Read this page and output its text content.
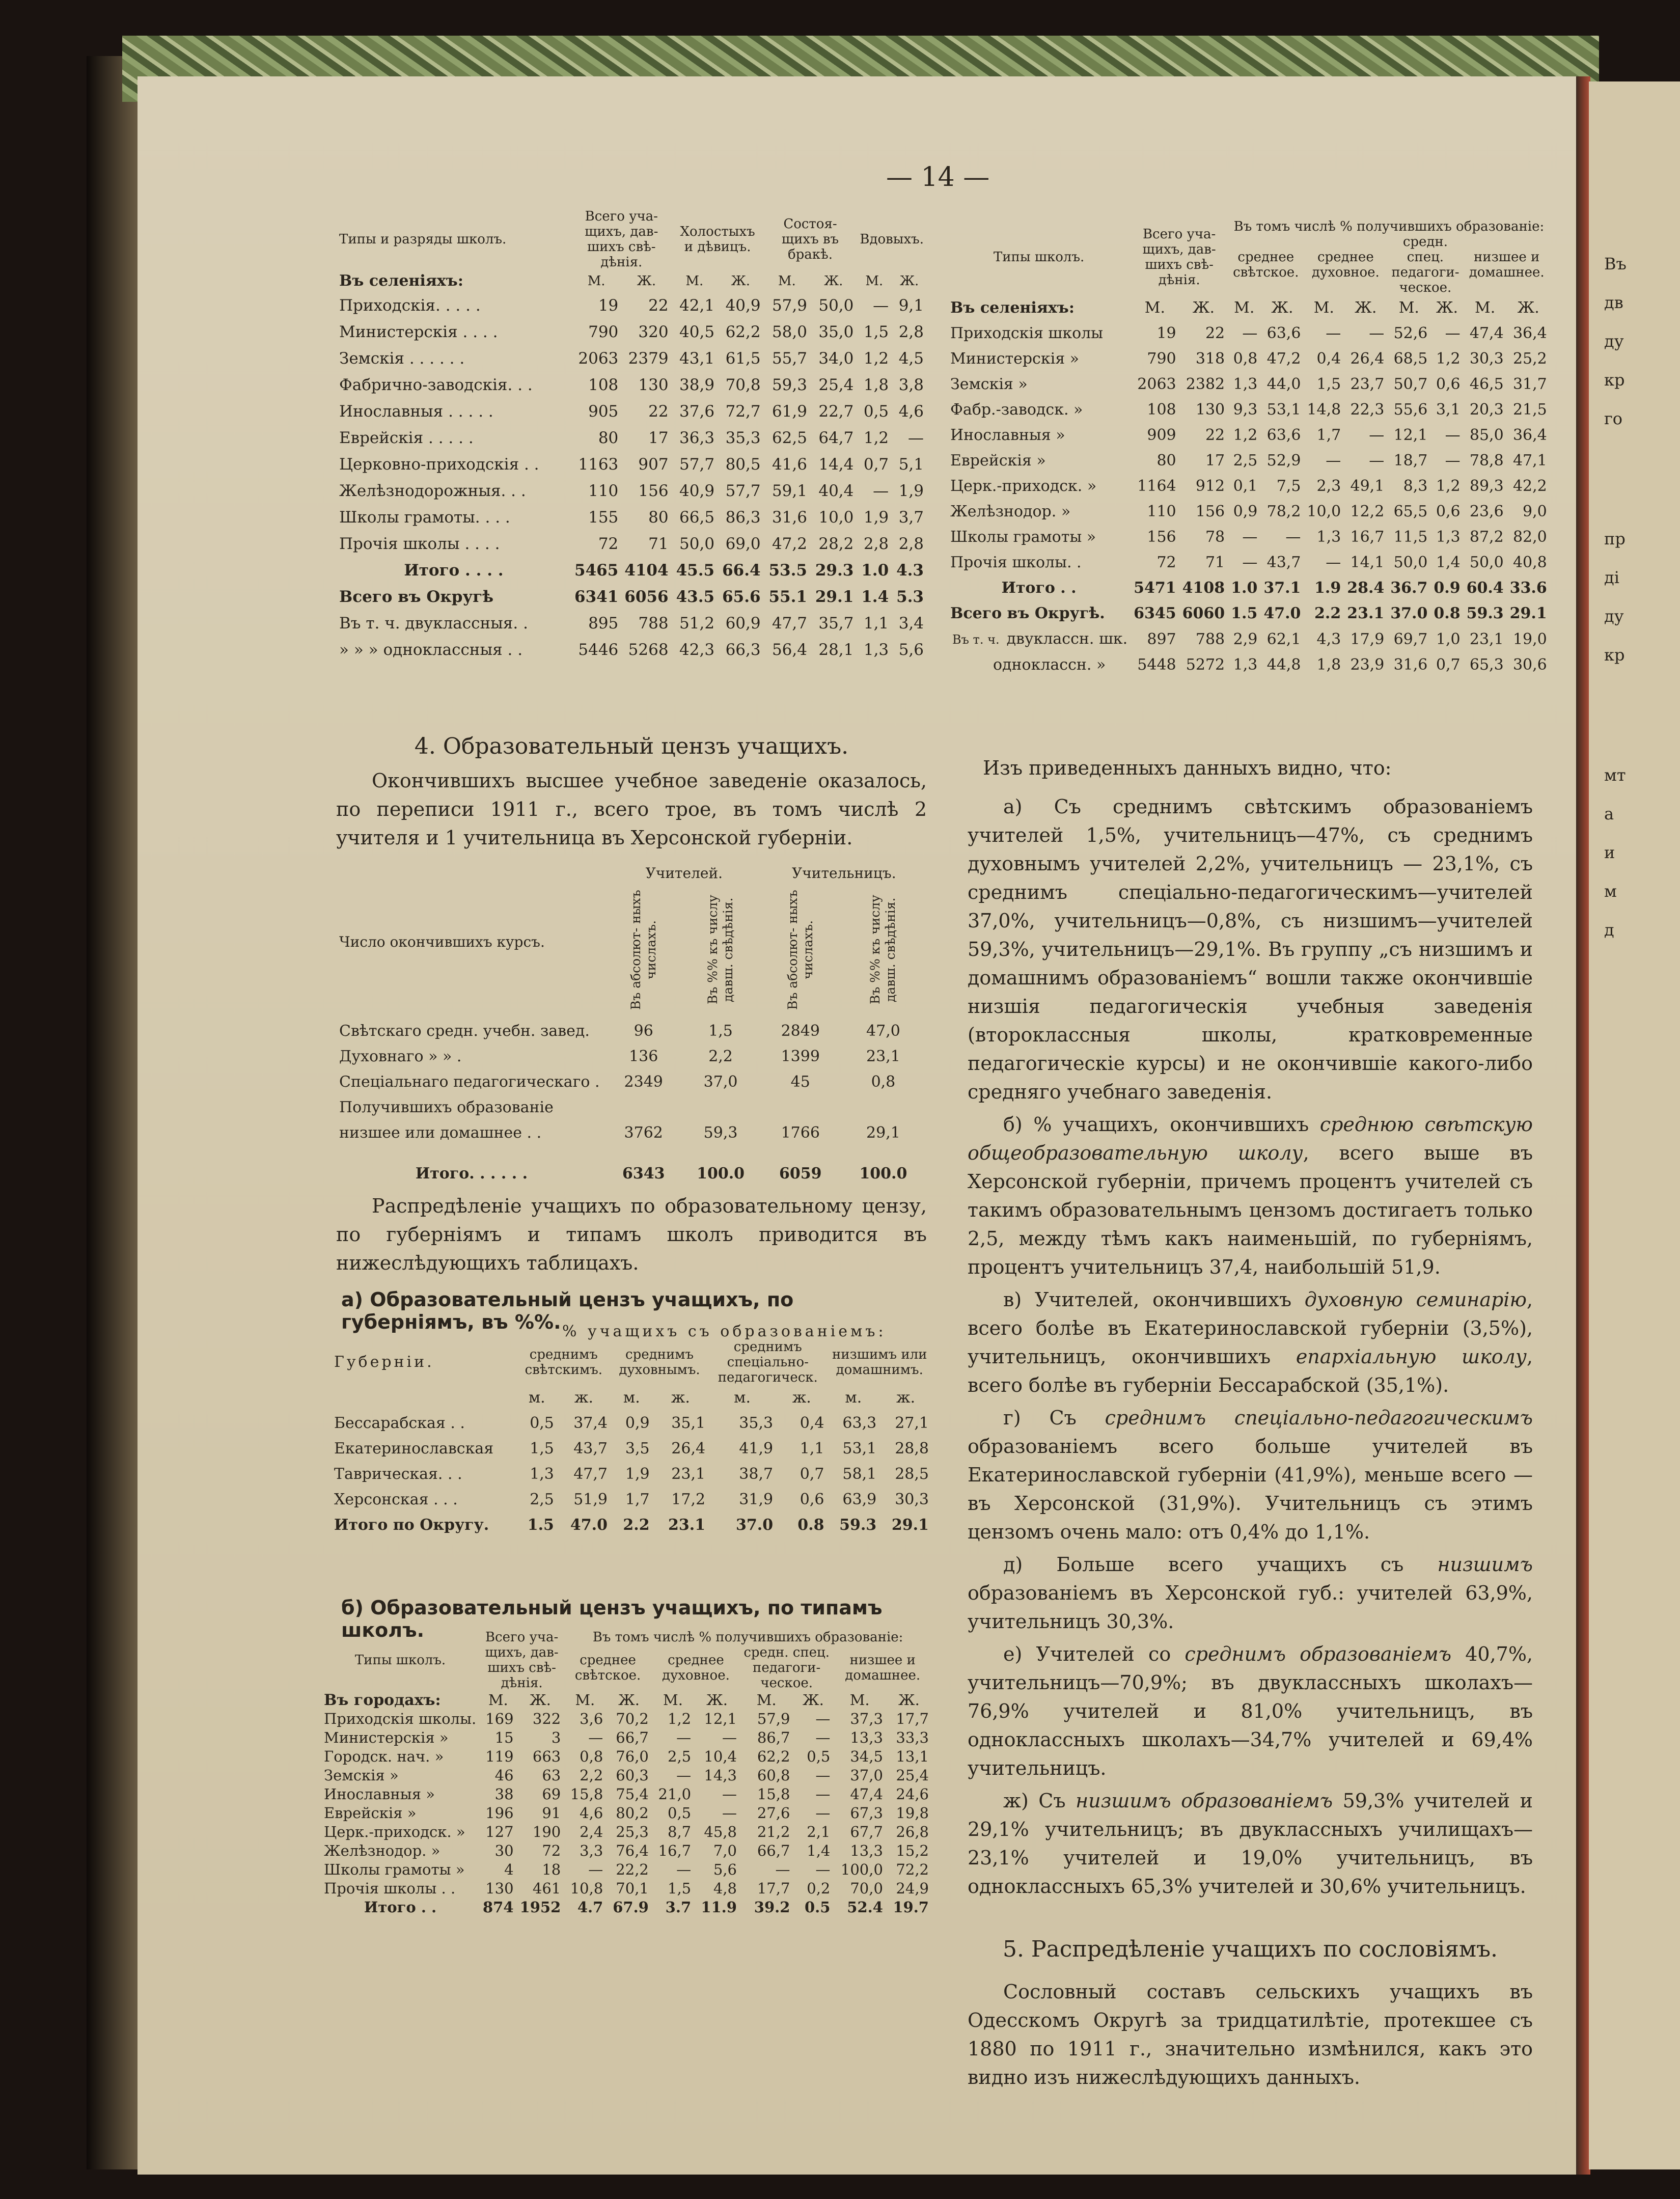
Въ
дв
ду
кр
го
пр
ді
ду
кр
мт
а
и
м
д
— 14 —
Типы и разряды школъ.	Всего уча- щихъ, дав- шихъ свѣ- дѣнія.		Холостыхъ и дѣвицъ.		Состоя- щихъ въ бракѣ.		Вдовыхъ.	
Въ селеніяхъ:	М.	Ж.	М.	Ж.	М.	Ж.	М.	Ж.
Приходскія. . . . .	19	22	42,1	40,9	57,9	50,0	—	9,1
Министерскія . . . .	790	320	40,5	62,2	58,0	35,0	1,5	2,8
Земскія . . . . . .	2063	2379	43,1	61,5	55,7	34,0	1,2	4,5
Фабрично-заводскія. . .	108	130	38,9	70,8	59,3	25,4	1,8	3,8
Инославныя . . . . .	905	22	37,6	72,7	61,9	22,7	0,5	4,6
Еврейскія . . . . .	80	17	36,3	35,3	62,5	64,7	1,2	—
Церковно-приходскія . .	1163	907	57,7	80,5	41,6	14,4	0,7	5,1
Желѣзнодорожныя. . .	110	156	40,9	57,7	59,1	40,4	—	1,9
Школы грамоты. . . .	155	80	66,5	86,3	31,6	10,0	1,9	3,7
Прочія школы . . . .	72	71	50,0	69,0	47,2	28,2	2,8	2,8
Итого . . . .	5465	4104	45.5	66.4	53.5	29.3	1.0	4.3
Всего въ Округѣ	6341	6056	43.5	65.6	55.1	29.1	1.4	5.3
Въ т. ч. двуклассныя. .	895	788	51,2	60,9	47,7	35,7	1,1	3,4
» » » одноклассныя . .	5446	5268	42,3	66,3	56,4	28,1	1,3	5,6
4. Образовательный цензъ учащихъ.
Окончившихъ высшее учебное заведеніе оказалось, по переписи 1911 г., всего трое, въ томъ числѣ 2 учителя и 1 учительница въ Херсонской губерніи.
Число окончившихъ курсъ.	Учителей.		Учительницъ.	

	Въ абсолют- ныхъ числахъ.	Въ %% къ числу давш. свѣдѣнія.	Въ абсолют- ныхъ числахъ.	Въ %% къ числу давш. свѣдѣнія.

Свѣтскаго средн. учебн. завед.	96	1,5	2849	47,0
Духовнаго » » .	136	2,2	1399	23,1
Спеціальнаго педагогическаго .	2349	37,0	45	0,8
Получившихъ образованіе низшее или домашнее . .	3762	59,3	1766	29,1
Итого. . . . . .	6343	100.0	6059	100.0
Распредѣленіе учащихъ по образовательному цензу, по губерніямъ и типамъ школъ приводится въ нижеслѣдующихъ таблицахъ.
а) Образовательный цензъ учащихъ, по губерніямъ, въ %%.
	% учащихъ съ образованіемъ:							
Губерніи.	среднимъ свѣтскимъ.		среднимъ духовнымъ.		среднимъ спеціально- педагогическ.		низшимъ или домашнимъ.	
	м.	ж.	м.	ж.	м.	ж.	м.	ж.
Бессарабская . .	0,5	37,4	0,9	35,1	35,3	0,4	63,3	27,1
Екатеринославская	1,5	43,7	3,5	26,4	41,9	1,1	53,1	28,8
Таврическая. . .	1,3	47,7	1,9	23,1	38,7	0,7	58,1	28,5
Херсонская . . .	2,5	51,9	1,7	17,2	31,9	0,6	63,9	30,3
Итого по Округу.	1.5	47.0	2.2	23.1	37.0	0.8	59.3	29.1
б) Образовательный цензъ учащихъ, по типамъ школъ.
Типы школъ.	Всего уча- щихъ, дав- шихъ свѣ- дѣнія.		Въ томъ числѣ % получившихъ образованіе:							
			среднее свѣтское.		среднее духовное.		средн. спец. педагоги- ческое.		низшее и домашнее.	
Въ городахъ:	М.	Ж.	М.	Ж.	М.	Ж.	М.	Ж.	М.	Ж.
Приходскія школы.	169	322	3,6	70,2	1,2	12,1	57,9	—	37,3	17,7
Министерскія »	15	3	—	66,7	—	—	86,7	—	13,3	33,3
Городск. нач. »	119	663	0,8	76,0	2,5	10,4	62,2	0,5	34,5	13,1
Земскія »	46	63	2,2	60,3	—	14,3	60,8	—	37,0	25,4
Инославныя »	38	69	15,8	75,4	21,0	—	15,8	—	47,4	24,6
Еврейскія »	196	91	4,6	80,2	0,5	—	27,6	—	67,3	19,8
Церк.-приходск. »	127	190	2,4	25,3	8,7	45,8	21,2	2,1	67,7	26,8
Желѣзнодор. »	30	72	3,3	76,4	16,7	7,0	66,7	1,4	13,3	15,2
Школы грамоты »	4	18	—	22,2	—	5,6	—	—	100,0	72,2
Прочія школы . .	130	461	10,8	70,1	1,5	4,8	17,7	0,2	70,0	24,9
Итого . .	874	1952	4.7	67.9	3.7	11.9	39.2	0.5	52.4	19.7
Типы школъ.	Всего уча- щихъ, дав- шихъ свѣ- дѣнія.		Въ томъ числѣ % получившихъ образованіе:							
			среднее свѣтское.		среднее духовное.		средн. спец. педагоги- ческое.		низшее и домашнее.	
Въ селеніяхъ:	М.	Ж.	М.	Ж.	М.	Ж.	М.	Ж.	М.	Ж.
Приходскія школы	19	22	—	63,6	—	—	52,6	—	47,4	36,4
Министерскія »	790	318	0,8	47,2	0,4	26,4	68,5	1,2	30,3	25,2
Земскія »	2063	2382	1,3	44,0	1,5	23,7	50,7	0,6	46,5	31,7
Фабр.-заводск. »	108	130	9,3	53,1	14,8	22,3	55,6	3,1	20,3	21,5
Инославныя »	909	22	1,2	63,6	1,7	—	12,1	—	85,0	36,4
Еврейскія »	80	17	2,5	52,9	—	—	18,7	—	78,8	47,1
Церк.-приходск. »	1164	912	0,1	7,5	2,3	49,1	8,3	1,2	89,3	42,2
Желѣзнодор. »	110	156	0,9	78,2	10,0	12,2	65,5	0,6	23,6	9,0
Школы грамоты »	156	78	—	—	1,3	16,7	11,5	1,3	87,2	82,0
Прочія школы. .	72	71	—	43,7	—	14,1	50,0	1,4	50,0	40,8
Итого . .	5471	4108	1.0	37.1	1.9	28.4	36.7	0.9	60.4	33.6
Всего въ Округѣ.	6345	6060	1.5	47.0	2.2	23.1	37.0	0.8	59.3	29.1
Въ т. ч. двуклассн. шк.	897	788	2,9	62,1	4,3	17,9	69,7	1,0	23,1	19,0
однокласcн. »	5448	5272	1,3	44,8	1,8	23,9	31,6	0,7	65,3	30,6
Изъ приведенныхъ данныхъ видно, что:
а) Съ среднимъ свѣтскимъ образованіемъ учителей 1,5%, учительницъ—47%, съ среднимъ духовнымъ учителей 2,2%, учительницъ — 23,1%, съ среднимъ спеціально-педагогическимъ—учителей 37,0%, учительницъ—0,8%, съ низшимъ—учителей 59,3%, учительницъ—29,1%. Въ группу „съ низшимъ и домашнимъ образованіемъ“ вошли также окончившіе низшія педагогическія учебныя заведенія (второклассныя школы, кратковременные педагогическіе курсы) и не окончившіе какого-либо средняго учебнаго заведенія.
б) % учащихъ, окончившихъ среднюю свѣтскую общеобразовательную школу, всего выше въ Херсонской губерніи, причемъ процентъ учителей съ такимъ образовательнымъ цензомъ достигаетъ только 2,5, между тѣмъ какъ наименьшій, по губерніямъ, процентъ учительницъ 37,4, наибольшій 51,9.
в) Учителей, окончившихъ духовную семинарію, всего болѣе въ Екатеринославской губерніи (3,5%), учительницъ, окончившихъ епархіальную школу, всего болѣе въ губерніи Бессарабской (35,1%).
г) Съ среднимъ спеціально-педагогическимъ образованіемъ всего больше учителей въ Екатеринославской губерніи (41,9%), меньше всего — въ Херсонской (31,9%). Учительницъ съ этимъ цензомъ очень мало: отъ 0,4% до 1,1%.
д) Больше всего учащихъ съ низшимъ образованіемъ въ Херсонской губ.: учителей 63,9%, учительницъ 30,3%.
е) Учителей со среднимъ образованіемъ 40,7%, учительницъ—70,9%; въ двуклассныхъ школахъ—76,9% учителей и 81,0% учительницъ, въ одноклассныхъ школахъ—34,7% учителей и 69,4% учительницъ.
ж) Съ низшимъ образованіемъ 59,3% учителей и 29,1% учительницъ; въ двуклассныхъ училищахъ—23,1% учителей и 19,0% учительницъ, въ одноклассныхъ 65,3% учителей и 30,6% учительницъ.
5. Распредѣленіе учащихъ по сословіямъ.
Сословный составъ сельскихъ учащихъ въ Одесскомъ Округѣ за тридцатилѣтіе, протекшее съ 1880 по 1911 г., значительно измѣнился, какъ это видно изъ нижеслѣдующихъ данныхъ.
